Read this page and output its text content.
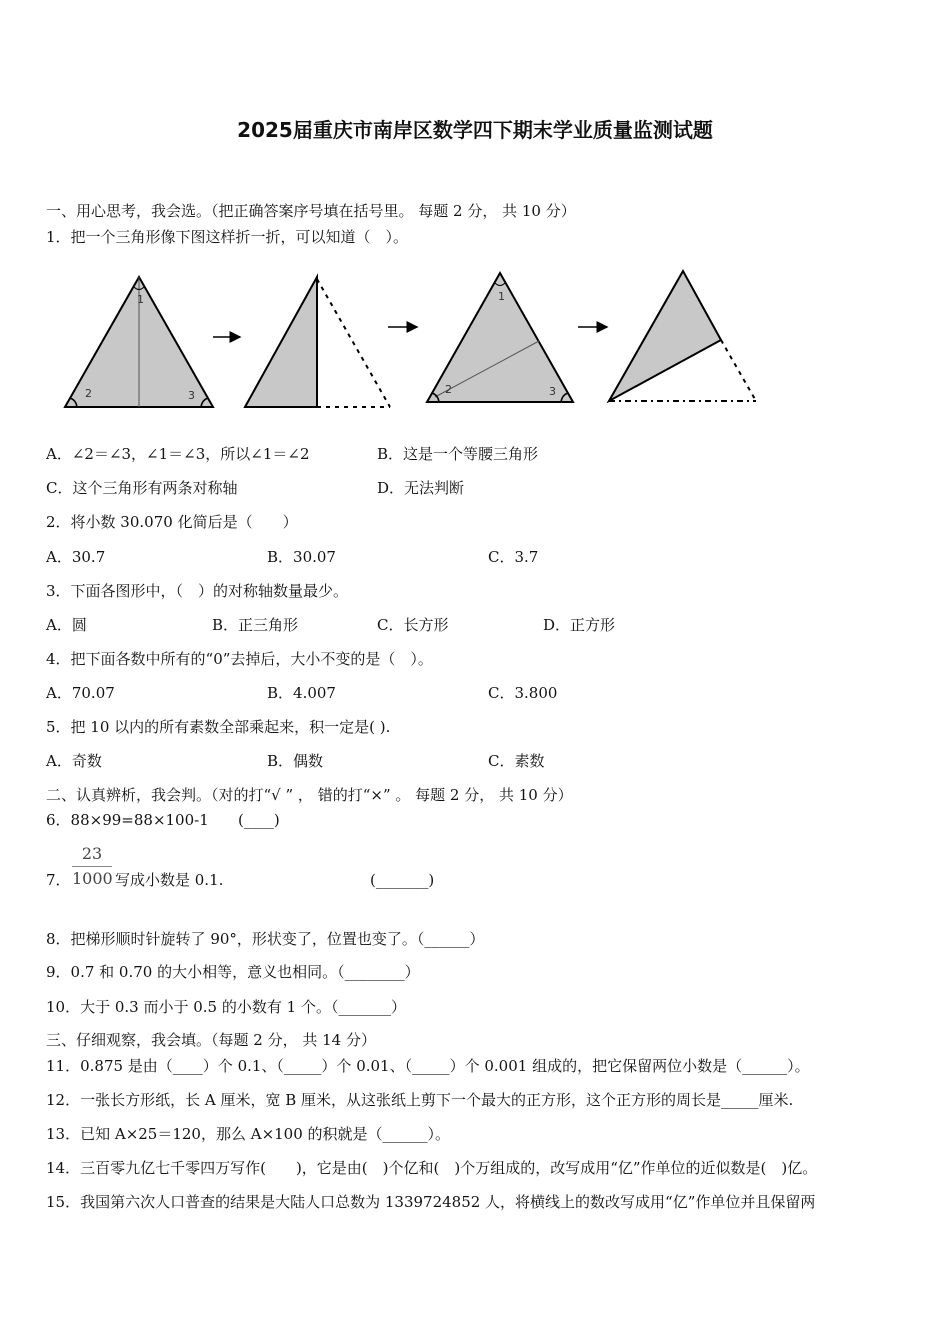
2025届重庆市南岸区数学四下期末学业质量监测试题
一、用心思考，我会选。（把正确答案序号填在括号里。 每题 2 分， 共 10 分）
1．把一个三角形像下图这样折一折，可以知道（　）。
1
2	3
1
2	3
A．∠2＝∠3，∠1＝∠3，所以∠1＝∠2	B．这是一个等腰三角形
C．这个三角形有两条对称轴	D．无法判断
2．将小数 30.070 化简后是（　　）
A．30.7	B．30.07	C．3.7
3．下面各图形中，（　）的对称轴数量最少。
A．圆	B．正三角形	C．长方形	D．正方形
4．把下面各数中所有的“0”去掉后，大小不变的是（　）。
A．70.07	B．4.007	C．3.800
5．把 10 以内的所有素数全部乘起来，积一定是( ).
A．奇数	B．偶数	C．素数
二、认真辨析，我会判。（对的打“√ ” ， 错的打“×” 。 每题 2 分， 共 10 分）
6．88×99=88×100-1 (____)
7．
23
1000 写成小数是 0.1.	(_______)
8．把梯形顺时针旋转了 90°，形状变了，位置也变了。（______）
9．0.7 和 0.70 的大小相等，意义也相同。（________）
10．大于 0.3 而小于 0.5 的小数有 1 个。（_______）
三、仔细观察，我会填。（每题 2 分， 共 14 分）
11．0.875 是由（____）个 0.1、（_____）个 0.01、（_____）个 0.001 组成的，把它保留两位小数是（______）。
12．一张长方形纸，长 A 厘米，宽 B 厘米，从这张纸上剪下一个最大的正方形，这个正方形的周长是_____厘米.
13．已知 A×25＝120，那么 A×100 的积就是（______）。
14．三百零九亿七千零四万写作(　　)，它是由(　)个亿和(　)个万组成的，改写成用“亿”作单位的近似数是(　)亿。
15．我国第六次人口普查的结果是大陆人口总数为 1339724852 人，将横线上的数改写成用“亿”作单位并且保留两
